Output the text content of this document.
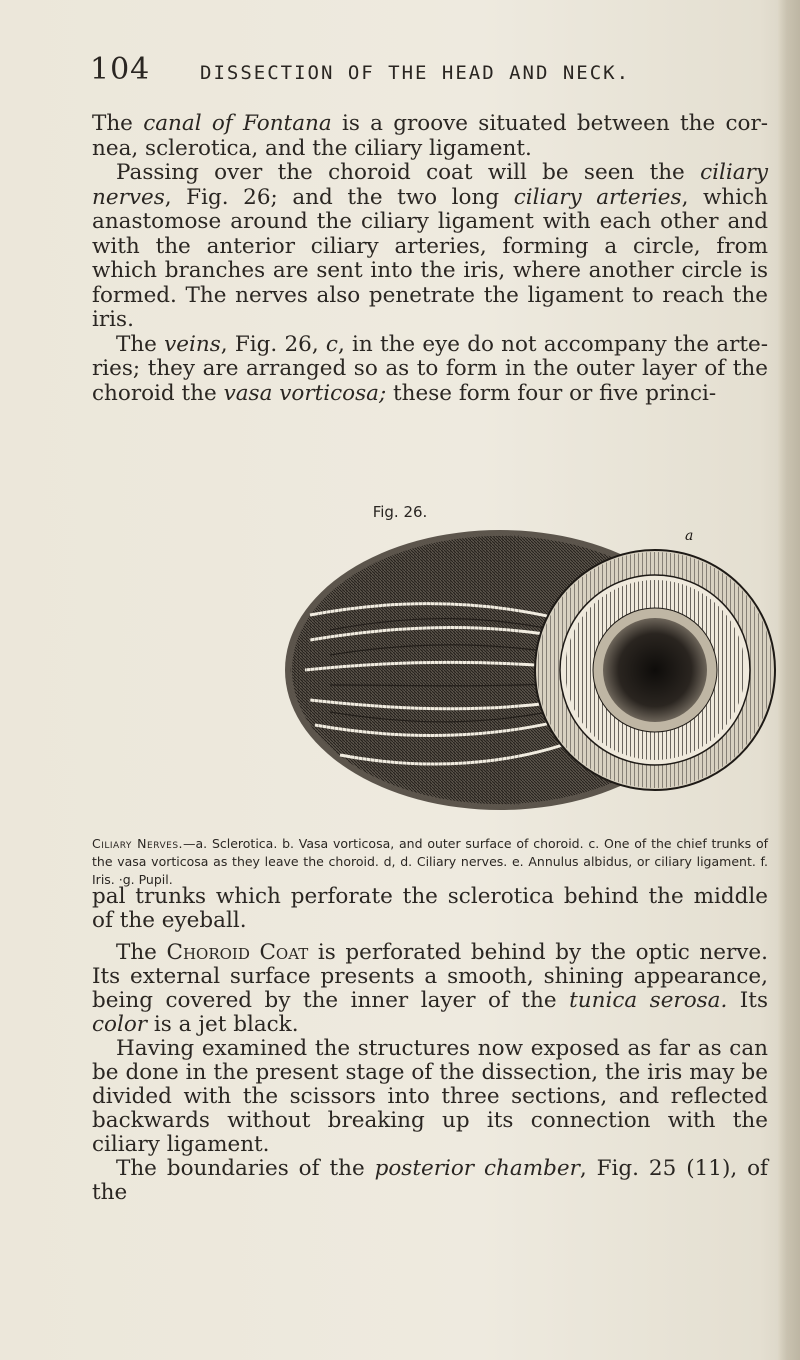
104	DISSECTION OF THE HEAD AND NECK.

The canal of Fontana is a groove situated between the cornea, sclerotica, and the ciliary ligament.

Passing over the choroid coat will be seen the ciliary nerves, Fig. 26; and the two long ciliary arteries, which anastomose around the ciliary ligament with each other and with the anterior ciliary arteries, forming a circle, from which branches are sent into the iris, where another circle is formed. The nerves also penetrate the ligament to reach the iris.

The veins, Fig. 26, c, in the eye do not accompany the arteries; they are arranged so as to form in the outer layer of the choroid the vasa vorticosa; these form four or five princi-

Fig. 26.
a
Ciliary Nerves.—a. Sclerotica. b. Vasa vorticosa, and outer surface of choroid. c. One of the chief trunks of the vasa vorticosa as they leave the choroid. d, d. Ciliary nerves. e. Annulus albidus, or ciliary ligament. f. Iris. ·g. Pupil.

pal trunks which perforate the sclerotica behind the middle of the eyeball.

The Choroid Coat is perforated behind by the optic nerve. Its external surface presents a smooth, shining appearance, being covered by the inner layer of the tunica serosa. Its color is a jet black.

Having examined the structures now exposed as far as can be done in the present stage of the dissection, the iris may be divided with the scissors into three sections, and reflected backwards without breaking up its connection with the ciliary ligament.

The boundaries of the posterior chamber, Fig. 25 (11), of the
